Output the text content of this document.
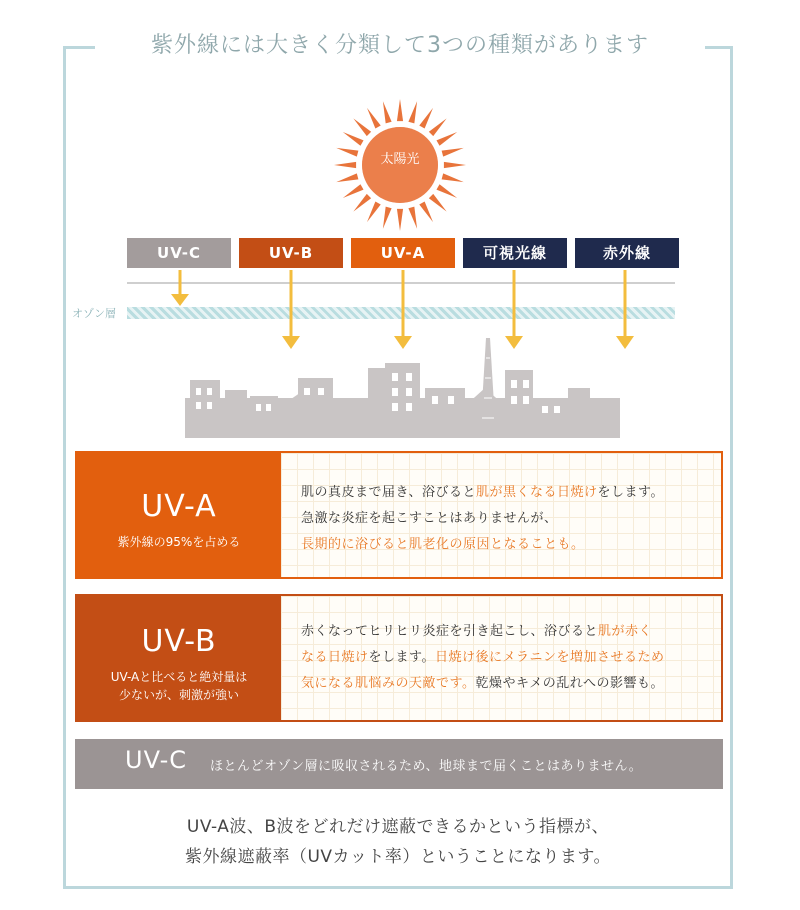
紫外線には大きく分類して3つの種類があります
太陽光
UV-C	UV-B	UV-A	可視光線	赤外線
オゾン層
UV-A
紫外線の95%を占める
肌の真皮まで届き、浴びると肌が黒くなる日焼けをします。
急激な炎症を起こすことはありませんが、
長期的に浴びると肌老化の原因となることも。
UV-B
UV-Aと比べると絶対量は
少ないが、刺激が強い
赤くなってヒリヒリ炎症を引き起こし、浴びると肌が赤く
なる日焼けをします。日焼け後にメラニンを増加させるため
気になる肌悩みの天敵です。乾燥やキメの乱れへの影響も。
UV-C ほとんどオゾン層に吸収されるため、地球まで届くことはありません。
UV-A波、B波をどれだけ遮蔽できるかという指標が、
紫外線遮蔽率（UVカット率）ということになります。
